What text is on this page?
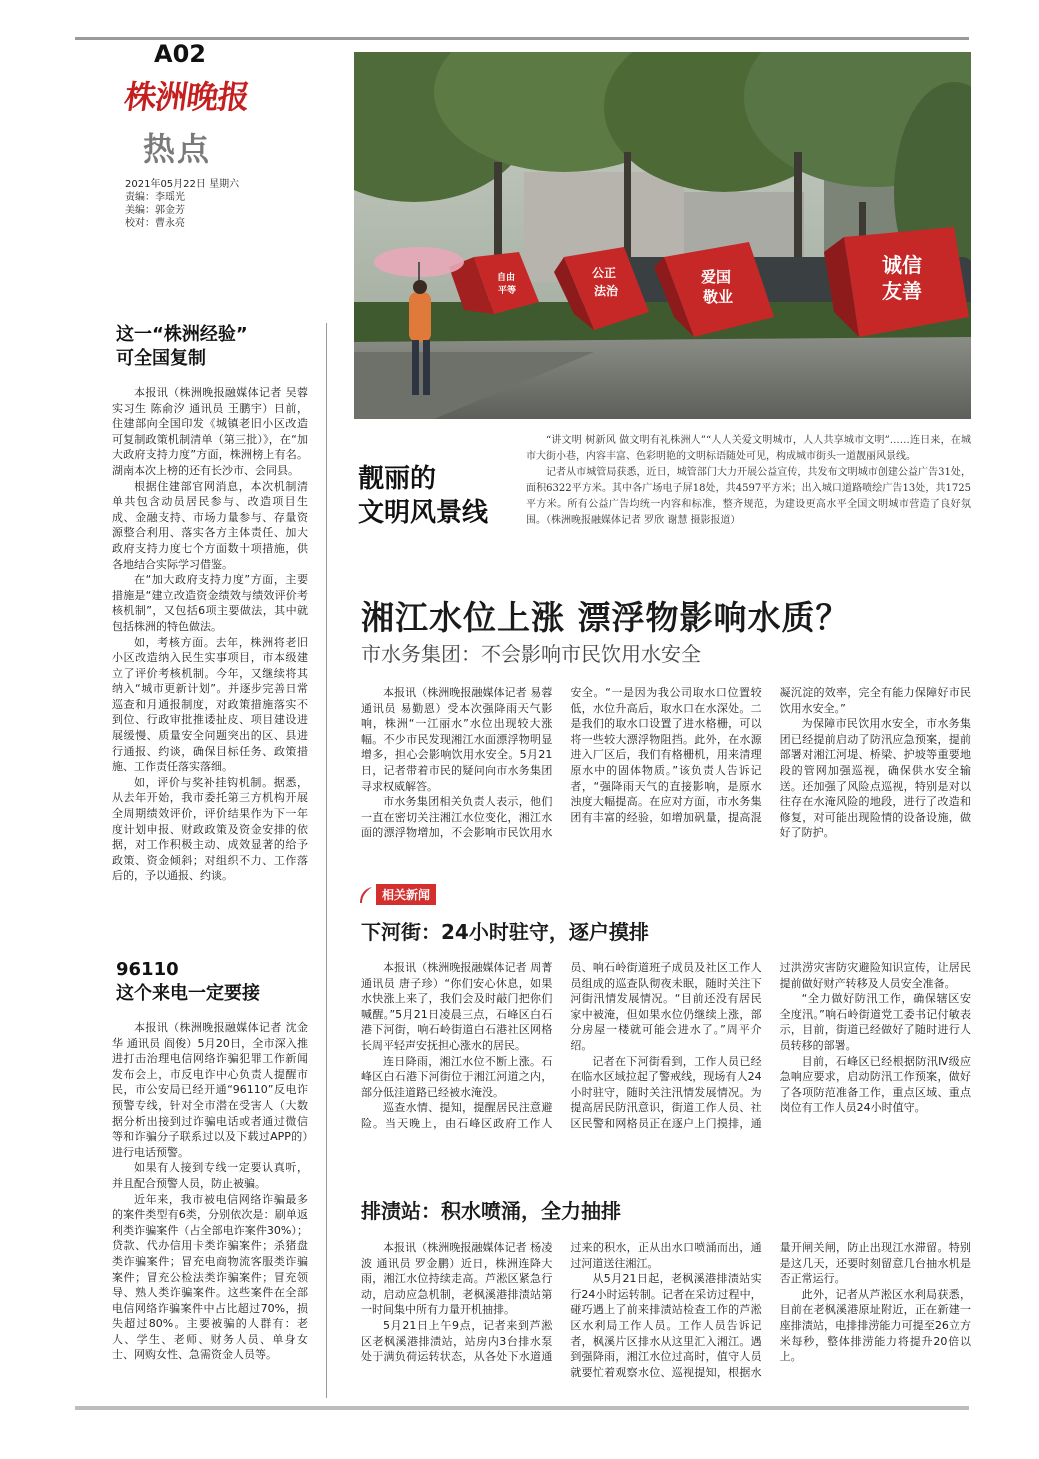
A02
株洲晚报
热点
2021年05月22日 星期六
责编：李瑶光
美编：郭金芳
校对：曹永亮
诚信
友善
爱国
敬业
公正
法治
自由
平等
靓丽的
文明风景线

“讲文明 树新风 做文明有礼株洲人”“人人关爱文明城市，人人共享城市文明”……连日来，在城市大街小巷，内容丰富、色彩明艳的文明标语随处可见，构成城市街头一道靓丽风景线。

记者从市城管局获悉，近日，城管部门大力开展公益宣传，共发布文明城市创建公益广告31处，面积6322平方米。其中各广场电子屏18处，共4597平方米；出入城口道路喷绘广告13处，共1725平方米。所有公益广告均统一内容和标准，整齐规范，为建设更高水平全国文明城市营造了良好氛围。（株洲晚报融媒体记者 罗欣 谢慧 摄影报道）

这一“株洲经验”
可全国复制

本报讯（株洲晚报融媒体记者 吴蓉 实习生 陈俞汐 通讯员 王鹏宇）日前，住建部向全国印发《城镇老旧小区改造可复制政策机制清单（第三批）》，在“加大政府支持力度”方面，株洲榜上有名。湖南本次上榜的还有长沙市、会同县。

根据住建部官网消息，本次机制清单共包含动员居民参与、改造项目生成、金融支持、市场力量参与、存量资源整合利用、落实各方主体责任、加大政府支持力度七个方面数十项措施，供各地结合实际学习借鉴。

在“加大政府支持力度”方面，主要措施是“建立改造资金绩效与绩效评价考核机制”，又包括6项主要做法，其中就包括株洲的特色做法。

如，考核方面。去年，株洲将老旧小区改造纳入民生实事项目，市本级建立了评价考核机制。今年，又继续将其纳入“城市更新计划”。并逐步完善日常巡查和月通报制度，对政策措施落实不到位、行政审批推诿扯皮、项目建设进展缓慢、质量安全问题突出的区、县进行通报、约谈，确保目标任务、政策措施、工作责任落实落细。

如，评价与奖补挂钩机制。据悉，从去年开始，我市委托第三方机构开展全周期绩效评价，评价结果作为下一年度计划申报、财政政策及资金安排的依据，对工作积极主动、成效显著的给予政策、资金倾斜；对组织不力、工作落后的，予以通报、约谈。

96110
这个来电一定要接

本报讯（株洲晚报融媒体记者 沈金华 通讯员 阎俊）5月20日，全市深入推进打击治理电信网络诈骗犯罪工作新闻发布会上，市反电诈中心负责人提醒市民，市公安局已经开通“96110”反电诈预警专线，针对全市潜在受害人（大数据分析出接到过诈骗电话或者通过微信等和诈骗分子联系过以及下载过APP的）进行电话预警。

如果有人接到专线一定要认真听，并且配合预警人员，防止被骗。

近年来，我市被电信网络诈骗最多的案件类型有6类，分别依次是：刷单返利类诈骗案件（占全部电诈案件30%）；贷款、代办信用卡类诈骗案件；杀猪盘类诈骗案件；冒充电商物流客服类诈骗案件；冒充公检法类诈骗案件；冒充领导、熟人类诈骗案件。这些案件在全部电信网络诈骗案件中占比超过70%，损失超过80%。主要被骗的人群有：老人、学生、老师、财务人员、单身女士、网购女性、急需资金人员等。

湘江水位上涨 漂浮物影响水质？
市水务集团：不会影响市民饮用水安全

本报讯（株洲晚报融媒体记者 易蓉 通讯员 易勤恩）受本次强降雨天气影响，株洲“一江丽水”水位出现较大涨幅。不少市民发现湘江水面漂浮物明显增多，担心会影响饮用水安全。5月21日，记者带着市民的疑问向市水务集团寻求权威解答。

市水务集团相关负责人表示，他们一直在密切关注湘江水位变化，湘江水面的漂浮物增加，不会影响市民饮用水安全。“一是因为我公司取水口位置较低，水位升高后，取水口在水深处。二是我们的取水口设置了进水格栅，可以将一些较大漂浮物阻挡。此外，在水源进入厂区后，我们有格栅机，用来清理原水中的固体物质。”该负责人告诉记者，“强降雨天气的直接影响，是原水浊度大幅提高。在应对方面，市水务集团有丰富的经验，如增加矾量，提高混凝沉淀的效率，完全有能力保障好市民饮用水安全。”

为保障市民饮用水安全，市水务集团已经提前启动了防汛应急预案，提前部署对湘江河堤、桥梁、护坡等重要地段的管网加强巡视，确保供水安全输送。还加强了风险点巡视，特别是对以往存在水淹风险的地段，进行了改造和修复，对可能出现险情的设备设施，做好了防护。

相关新闻
下河街：24小时驻守，逐户摸排

本报讯（株洲晚报融媒体记者 周菁 通讯员 唐子珍）“你们安心休息，如果水快涨上来了，我们会及时敲门把你们喊醒。”5月21日凌晨三点，石峰区白石港下河街，响石岭街道白石港社区网格长周平轻声安抚担心涨水的居民。

连日降雨，湘江水位不断上涨。石峰区白石港下河街位于湘江河道之内，部分低洼道路已经被水淹没。

巡查水情、提知，提醒居民注意避险。当天晚上，由石峰区政府工作人员、响石岭街道班子成员及社区工作人员组成的巡查队彻夜未眠，随时关注下河街汛情发展情况。“目前还没有居民家中被淹，但如果水位仍继续上涨，部分房屋一楼就可能会进水了。”周平介绍。

记者在下河街看到，工作人员已经在临水区域拉起了警戒线，现场有人24小时驻守，随时关注汛情发展情况。为提高居民防汛意识，街道工作人员、社区民警和网格员正在逐户上门摸排，通过洪涝灾害防灾避险知识宣传，让居民提前做好财产转移及人员安全准备。

“全力做好防汛工作，确保辖区安全度汛。”响石岭街道党工委书记付敏表示，目前，街道已经做好了随时进行人员转移的部署。

目前，石峰区已经根据防汛Ⅳ级应急响应要求，启动防汛工作预案，做好了各项防范准备工作，重点区域、重点岗位有工作人员24小时值守。

排渍站：积水喷涌，全力抽排

本报讯（株洲晚报融媒体记者 杨凌波 通讯员 罗金鹏）近日，株洲连降大雨，湘江水位持续走高。芦淞区紧急行动，启动应急机制，老枫溪港排渍站第一时间集中所有力量开机抽排。

5月21日上午9点，记者来到芦淞区老枫溪港排渍站，站房内3台排水泵处于满负荷运转状态，从各处下水道通过来的积水，正从出水口喷涌而出，通过河道送往湘江。

从5月21日起，老枫溪港排渍站实行24小时运转制。记者在采访过程中，碰巧遇上了前来排渍站检查工作的芦淞区水利局工作人员。工作人员告诉记者，枫溪片区排水从这里汇入湘江。遇到强降雨，湘江水位过高时，值守人员就要忙着观察水位、巡视提知，根据水量开闸关闸，防止出现江水滞留。特别是这几天，还要时刻留意几台抽水机是否正常运行。

此外，记者从芦淞区水利局获悉，目前在老枫溪港原址附近，正在新建一座排渍站，电排排涝能力可提至26立方米每秒，整体排涝能力将提升20倍以上。
